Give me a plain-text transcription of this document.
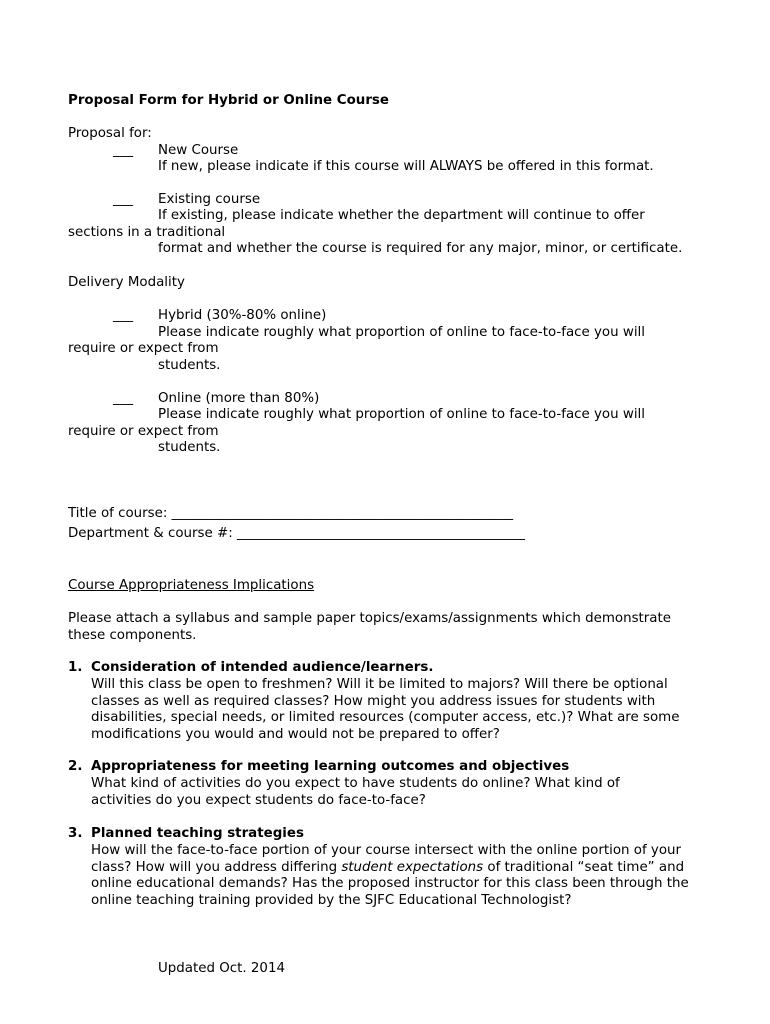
Proposal Form for Hybrid or Online Course
Proposal for:
___ New Course
If new, please indicate if this course will ALWAYS be offered in this format.
___ Existing course
If existing, please indicate whether the department will continue to offer
sections in a traditional
format and whether the course is required for any major, minor, or certificate.
Delivery Modality
___ Hybrid (30%-80% online)
Please indicate roughly what proportion of online to face-to-face you will
require or expect from
students.
___ Online (more than 80%)
Please indicate roughly what proportion of online to face-to-face you will
require or expect from
students.
Title of course: ___________________________________________________
Department & course #: ___________________________________________
Course Appropriateness Implications
Please attach a syllabus and sample paper topics/exams/assignments which demonstrate these components.
1. Consideration of intended audience/learners.
Will this class be open to freshmen? Will it be limited to majors? Will there be optional classes as well as required classes? How might you address issues for students with disabilities, special needs, or limited resources (computer access, etc.)? What are some modifications you would and would not be prepared to offer?
2. Appropriateness for meeting learning outcomes and objectives
What kind of activities do you expect to have students do online? What kind of activities do you expect students do face-to-face?
3. Planned teaching strategies
How will the face-to-face portion of your course intersect with the online portion of your class? How will you address differing student expectations of traditional “seat time” and online educational demands? Has the proposed instructor for this class been through the online teaching training provided by the SJFC Educational Technologist?
Updated Oct. 2014
